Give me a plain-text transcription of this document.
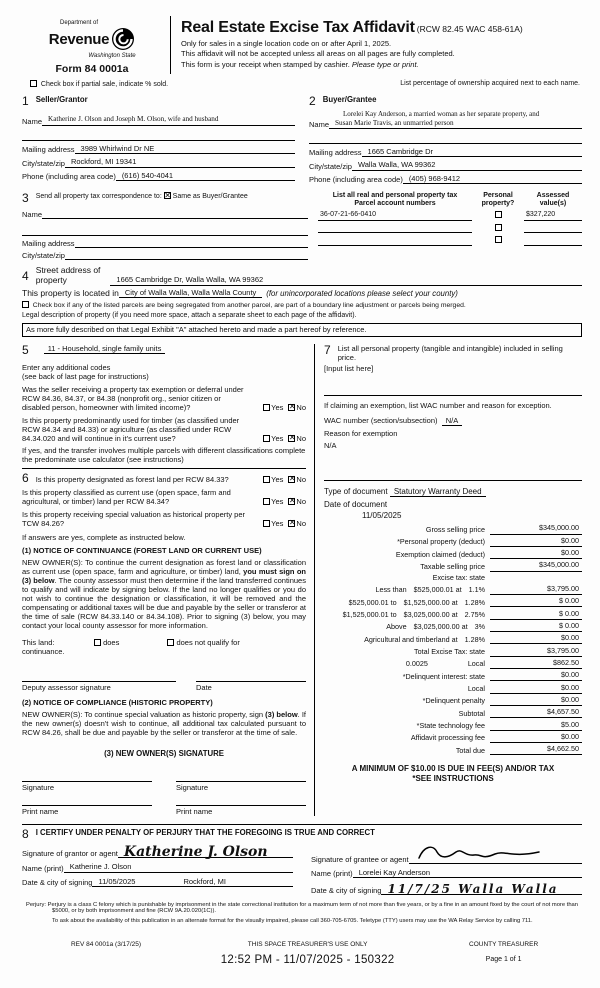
Department of
Revenue
Washington State
Form 84 0001a
Real Estate Excise Tax Affidavit (RCW 82.45 WAC 458-61A)
Only for sales in a single location code on or after April 1, 2025.
This affidavit will not be accepted unless all areas on all pages are fully completed.
This form is your receipt when stamped by cashier. Please type or print.
Check box if partial sale, indicate % sold.	List percentage of ownership acquired next to each name.
1 Seller/Grantor
Name Katherine J. Olson and Joseph M. Olson, wife and husband
Mailing address 3989 Whirlwind Dr NE
City/state/zip Rockford, MI 19341
Phone (including area code) (616) 540-4041
2 Buyer/Grantee
Lorelei Kay Anderson, a married woman as her separate property, and
Name Susan Marie Travis, an unmarried person
Mailing address 1665 Cambridge Dr
City/state/zip Walla Walla, WA 99362
Phone (including area code) (405) 968-9412
3 Send all property tax correspondence to: ✕ Same as Buyer/Grantee
Name
Mailing address
City/state/zip
List all real and personal property tax
Parcel account numbers
Personal
property?
Assessed
value(s)
36-07-21-66-0410	$327,220
4 Street address of
property	1665 Cambridge Dr, Walla Walla, WA 99362
This property is located in City of Walla Walla, Walla Walla County	(for unincorporated locations please select your county)
Check box if any of the listed parcels are being segregated from another parcel, are part of a boundary line adjustment or parcels being merged.
Legal description of property (if you need more space, attach a separate sheet to each page of the affidavit).
As more fully described on that Legal Exhibit "A" attached hereto and made a part hereof by reference.
5	11 - Household, single family units
Enter any additional codes
(see back of last page for instructions)
Was the seller receiving a property tax exemption or deferral under RCW 84.36, 84.37, or 84.38 (nonprofit org., senior citizen or disabled person, homeowner with limited income)?	Yes ✕ No
Is this property predominantly used for timber (as classified under RCW 84.34 and 84.33) or agriculture (as classified under RCW 84.34.020 and will continue in it's current use?	Yes ✕ No
If yes, and the transfer involves multiple parcels with different classifications complete the predominate use calculator (see instructions)
6 Is this property designated as forest land per RCW 84.33?	Yes ✕ No
Is this property classified as current use (open space, farm and agricultural, or timber) land per RCW 84.34?	Yes ✕ No
Is this property receiving special valuation as historical property per TCW 84.26?	Yes ✕ No
If answers are yes, complete as instructed below.
(1) NOTICE OF CONTINUANCE (FOREST LAND OR CURRENT USE)
NEW OWNER(S): To continue the current designation as forest land or classification as current use (open space, farm and agriculture, or timber) land, you must sign on (3) below. The county assessor must then determine if the land transferred continues to qualify and will indicate by signing below. If the land no longer qualifies or you do not wish to continue the designation or classification, it will be removed and the compensating or additional taxes will be due and payable by the seller or transferor at the time of sale (RCW 84.33.140 or 84.34.108). Prior to signing (3) below, you may contact your local county assessor for more information.
This land:	does	does not qualify for
continuance.
Deputy assessor signature	Date
(2) NOTICE OF COMPLIANCE (HISTORIC PROPERTY)
NEW OWNER(S): To continue special valuation as historic property, sign (3) below. If the new owner(s) doesn't wish to continue, all additional tax calculated pursuant to RCW 84.26, shall be due and payable by the seller or transferor at the time of sale.
(3) NEW OWNER(S) SIGNATURE
Signature	Signature
Print name	Print name
7 List all personal property (tangible and intangible) included in selling price.
[Input list here]
If claiming an exemption, list WAC number and reason for exception.
WAC number (section/subsection) N/A
Reason for exemption
N/A
Type of document Statutory Warranty Deed
Date of document
11/05/2025
Gross selling price	$345,000.00
*Personal property (deduct)	$0.00
Exemption claimed (deduct)	$0.00
Taxable selling price	$345,000.00
Excise tax: state
Less than $525,000.01 at 1.1%	$3,795.00
$525,000.01 to $1,525,000.00 at 1.28%	$ 0.00
$1,525,000.01 to $3,025,000.00 at 2.75%	$ 0.00
Above $3,025,000.00 at 3%	$ 0.00
Agricultural and timberland at 1.28%	$0.00
Total Excise Tax: state	$3,795.00
0.0025	Local	$862.50
*Delinquent interest: state	$0.00
Local	$0.00
*Delinquent penalty	$0.00
Subtotal	$4,657.50
*State technology fee	$5.00
Affidavit processing fee	$0.00
Total due	$4,662.50
A MINIMUM OF $10.00 IS DUE IN FEE(S) AND/OR TAX
*SEE INSTRUCTIONS
8 I CERTIFY UNDER PENALTY OF PERJURY THAT THE FOREGOING IS TRUE AND CORRECT
Signature of grantor or agent Katherine J. Olson
Name (print) Katherine J. Olson
Date & city of signing 11/05/2025	Rockford, MI
Signature of grantee or agent
Name (print) Lorelei Kay Anderson
Date & city of signing 11/7/25 Walla Walla

Perjury: Perjury is a class C felony which is punishable by imprisonment in the state correctional institution for a maximum term of not more than five years, or by a fine in an amount fixed by the court of not more than $5000, or by both imprisonment and fine (RCW 9A.20.020(1C)).

To ask about the availability of this publication in an alternate format for the visually impaired, please call 360-705-6705. Teletype (TTY) users may use the WA Relay Service by calling 711.

REV 84 0001a (3/17/25)	THIS SPACE TREASURER'S USE ONLY
12:52 PM - 11/07/2025 - 150322
COUNTY TREASURER
Page 1 of 1
